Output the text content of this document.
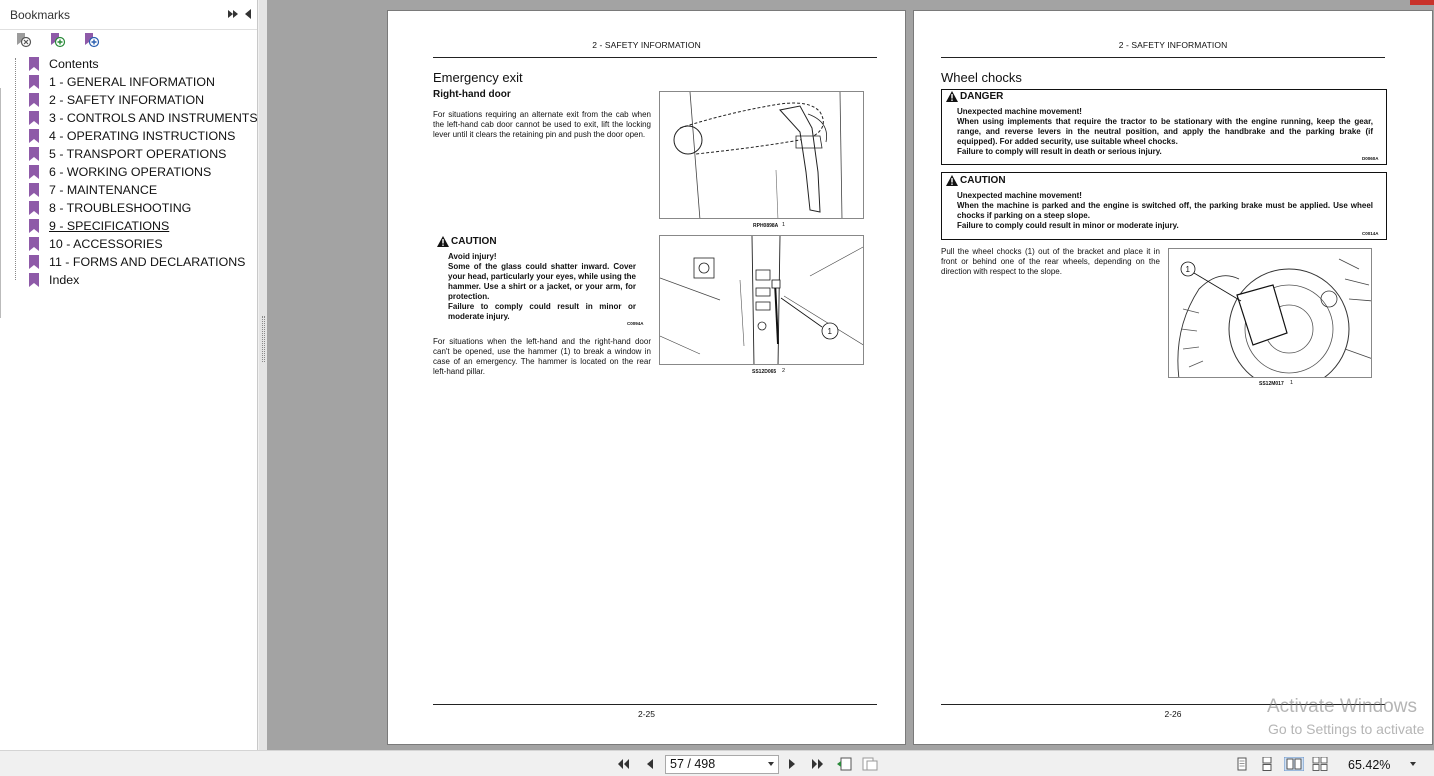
Bookmarks
Contents
1 - GENERAL INFORMATION
2 - SAFETY INFORMATION
3 - CONTROLS AND INSTRUMENTS
4 - OPERATING INSTRUCTIONS
5 - TRANSPORT OPERATIONS
6 - WORKING OPERATIONS
7 - MAINTENANCE
8 - TROUBLESHOOTING
9 - SPECIFICATIONS
10 - ACCESSORIES
11 - FORMS AND DECLARATIONS
Index
2 - SAFETY INFORMATION
Emergency exit
Right-hand door
For situations requiring an alternate exit from the cab when the left-hand cab door cannot be used to exit, lift the locking lever until it clears the retaining pin and push the door open.
RPH0898A 1
CAUTION
Avoid injury!
Some of the glass could shatter inward. Cover your head, particularly your eyes, while using the hammer. Use a shirt or a jacket, or your arm, for protection.
Failure to comply could result in minor or moderate injury.
C0094A
1
SS12D065 2
For situations when the left-hand and the right-hand door can't be opened, use the hammer (1) to break a window in case of an emergency. The hammer is located on the rear left-hand pillar.
2-25
2 - SAFETY INFORMATION
Wheel chocks
DANGER
Unexpected machine movement!
When using implements that require the tractor to be stationary with the engine running, keep the gear, range, and reverse levers in the neutral position, and apply the handbrake and the parking brake (if equipped). For added security, use suitable wheel chocks.
Failure to comply will result in death or serious injury.
D0060A
CAUTION
Unexpected machine movement!
When the machine is parked and the engine is switched off, the parking brake must be applied. Use wheel chocks if parking on a steep slope.
Failure to comply could result in minor or moderate injury.
C0014A
Pull the wheel chocks (1) out of the bracket and place it in front or behind one of the rear wheels, depending on the direction with respect to the slope.	1
SS12M017 1
2-26
57 / 498	65.42%
Activate Windows
Go to Settings to activate
